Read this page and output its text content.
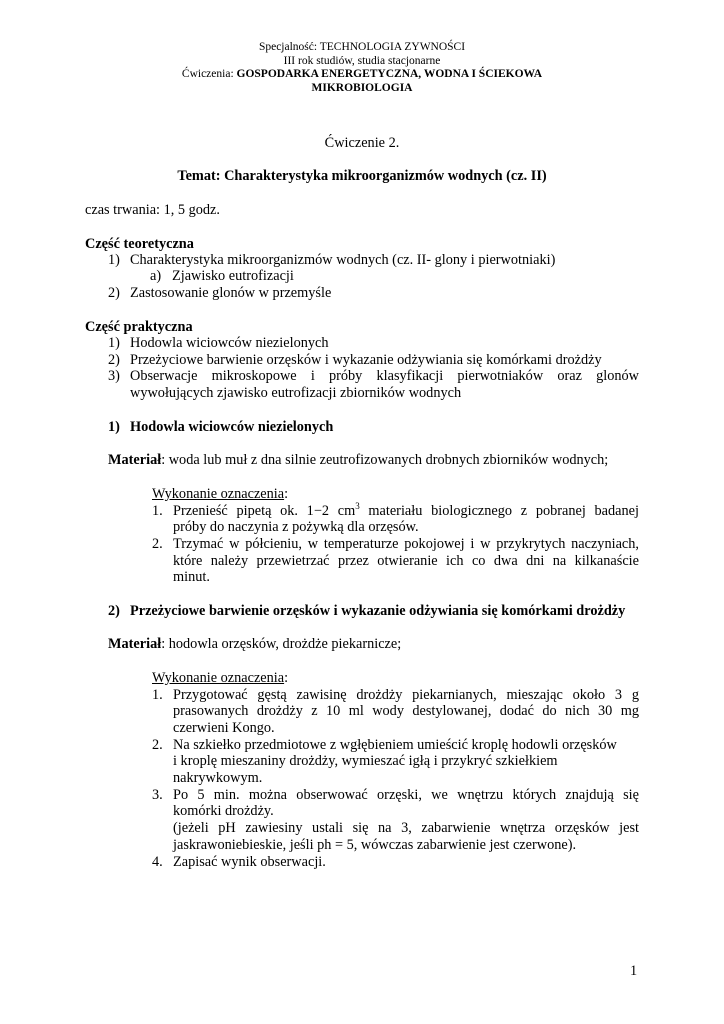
Specjalność: TECHNOLOGIA ZYWNOŚCI
III rok studiów, studia stacjonarne
Ćwiczenia: GOSPODARKA ENERGETYCZNA, WODNA I ŚCIEKOWA
MIKROBIOLOGIA
Ćwiczenie 2.
Temat: Charakterystyka mikroorganizmów wodnych (cz. II)
czas trwania: 1, 5 godz.
Część teoretyczna
1) Charakterystyka mikroorganizmów wodnych (cz. II- glony i pierwotniaki)
a) Zjawisko eutrofizacji
2) Zastosowanie glonów w przemyśle
Część praktyczna
1) Hodowla wiciowców niezielonych
2) Przeżyciowe barwienie orzęsków i wykazanie odżywiania się komórkami drożdży
3) Obserwacje mikroskopowe i próby klasyfikacji pierwotniaków oraz glonów
wywołujących zjawisko eutrofizacji zbiorników wodnych
1) Hodowla wiciowców niezielonych
Materiał: woda lub muł z dna silnie zeutrofizowanych drobnych zbiorników wodnych;
Wykonanie oznaczenia:
1. Przenieść pipetą ok. 1−2 $cm^3$ materiału biologicznego z pobranej badanej
próby do naczynia z pożywką dla orzęsów.
2. Trzymać w półcieniu, w temperaturze pokojowej i w przykrytych naczyniach,
które należy przewietrzać przez otwieranie ich co dwa dni na kilkanaście
minut.
2) Przeżyciowe barwienie orzęsków i wykazanie odżywiania się komórkami drożdży
Materiał: hodowla orzęsków, drożdże piekarnicze;
Wykonanie oznaczenia:
1. Przygotować gęstą zawisinę drożdży piekarnianych, mieszając około 3 g
prasowanych drożdży z 10 ml wody destylowanej, dodać do nich 30 mg
czerwieni Kongo.
2. Na szkiełko przedmiotowe z wgłębieniem umieścić kroplę hodowli orzęsków
i kroplę mieszaniny drożdży, wymieszać igłą i przykryć szkiełkiem
nakrywkowym.
3. Po 5 min. można obserwować orzęski, we wnętrzu których znajdują się
komórki drożdży.
(jeżeli pH zawiesiny ustali się na 3, zabarwienie wnętrza orzęsków jest
jaskrawoniebieskie, jeśli ph = 5, wówczas zabarwienie jest czerwone).
4. Zapisać wynik obserwacji.
1
